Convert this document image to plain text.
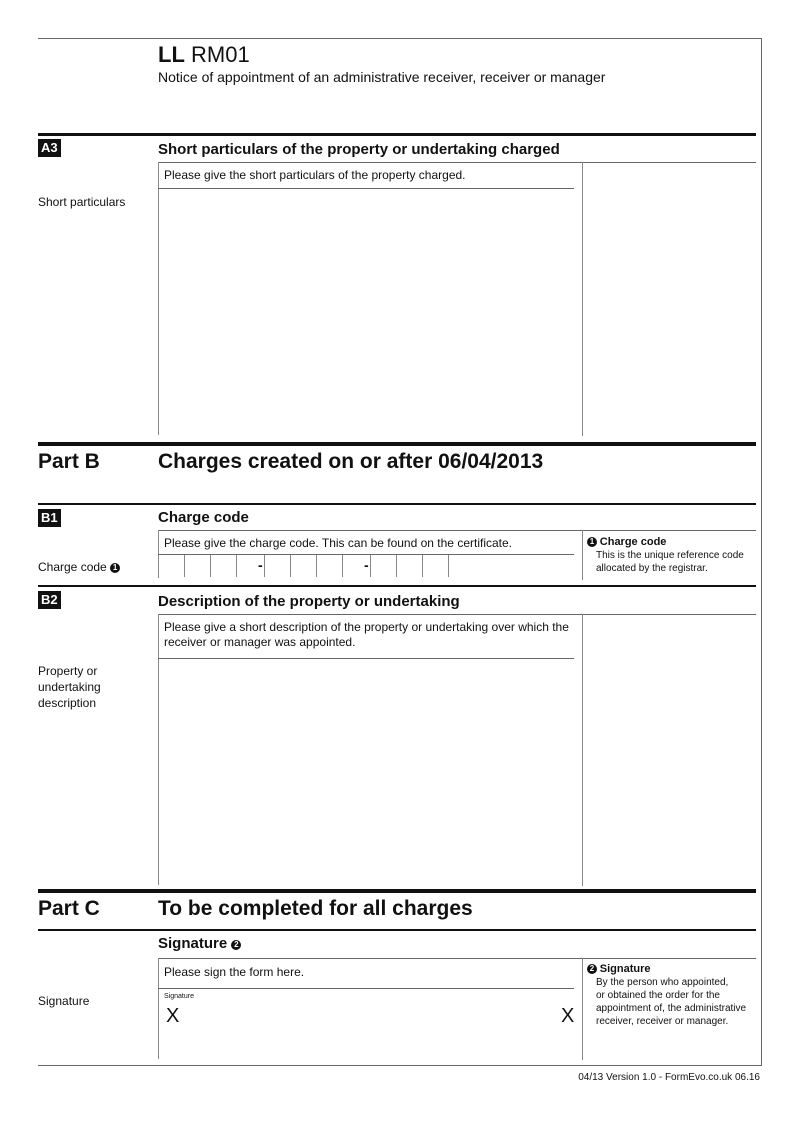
LL RM01
Notice of appointment of an administrative receiver, receiver or manager
A3	Short particulars of the property or undertaking charged
Please give the short particulars of the property charged.
Short particulars
Part B	Charges created on or after 06/04/2013
B1	Charge code
Please give the charge code. This can be found on the certificate.
Charge code 1	-	-
1 Charge code
This is the unique reference code
allocated by the registrar.
B2	Description of the property or undertaking
Please give a short description of the property or undertaking over which the
receiver or manager was appointed.
Property or
undertaking
description
Part C	To be completed for all charges
Signature 2
Please sign the form here.
Signature	Signature
X	X
2 Signature
By the person who appointed,
or obtained the order for the
appointment of, the administrative
receiver, receiver or manager.
04/13 Version 1.0 - FormEvo.co.uk 06.16
